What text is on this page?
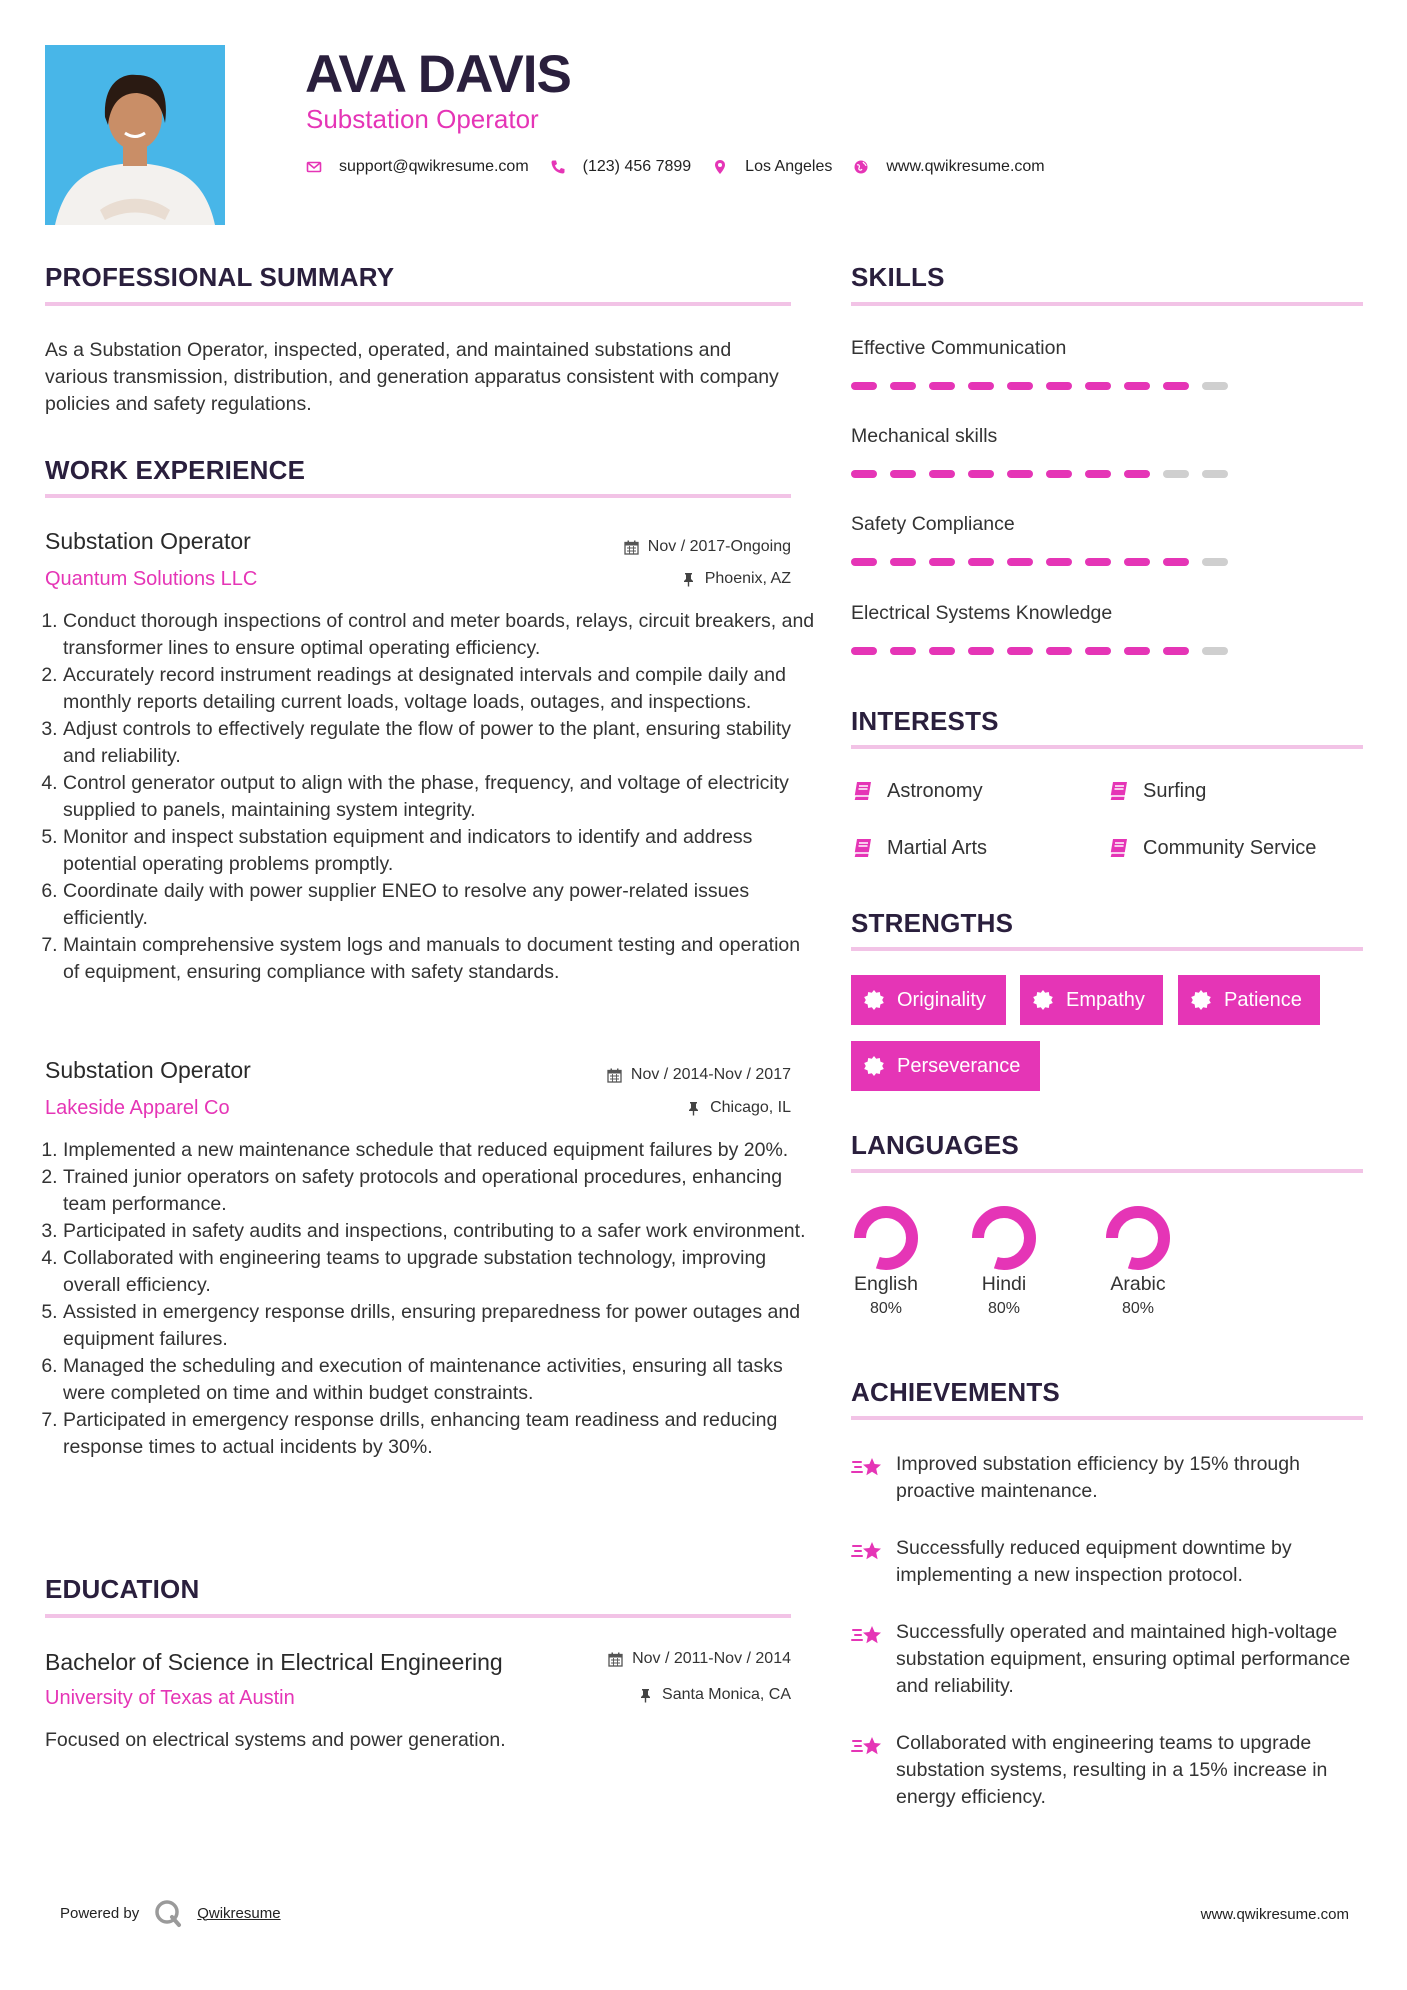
AVA DAVIS
Substation Operator
support@qwikresume.com	(123) 456 7899	Los Angeles	www.qwikresume.com
PROFESSIONAL SUMMARY
As a Substation Operator, inspected, operated, and maintained substations and various transmission, distribution, and generation apparatus consistent with company policies and safety regulations.
WORK EXPERIENCE
Substation Operator	Nov / 2017-Ongoing
Quantum Solutions LLC	Phoenix, AZ
1. Conduct thorough inspections of control and meter boards, relays, circuit breakers, and transformer lines to ensure optimal operating efficiency.
2. Accurately record instrument readings at designated intervals and compile daily and monthly reports detailing current loads, voltage loads, outages, and inspections.
3. Adjust controls to effectively regulate the flow of power to the plant, ensuring stability and reliability.
4. Control generator output to align with the phase, frequency, and voltage of electricity supplied to panels, maintaining system integrity.
5. Monitor and inspect substation equipment and indicators to identify and address potential operating problems promptly.
6. Coordinate daily with power supplier ENEO to resolve any power-related issues efficiently.
7. Maintain comprehensive system logs and manuals to document testing and operation of equipment, ensuring compliance with safety standards.
Substation Operator	Nov / 2014-Nov / 2017
Lakeside Apparel Co	Chicago, IL
1. Implemented a new maintenance schedule that reduced equipment failures by 20%.
2. Trained junior operators on safety protocols and operational procedures, enhancing team performance.
3. Participated in safety audits and inspections, contributing to a safer work environment.
4. Collaborated with engineering teams to upgrade substation technology, improving overall efficiency.
5. Assisted in emergency response drills, ensuring preparedness for power outages and equipment failures.
6. Managed the scheduling and execution of maintenance activities, ensuring all tasks were completed on time and within budget constraints.
7. Participated in emergency response drills, enhancing team readiness and reducing response times to actual incidents by 30%.
EDUCATION
Bachelor of Science in Electrical Engineering	Nov / 2011-Nov / 2014
University of Texas at Austin	Santa Monica, CA
Focused on electrical systems and power generation.
SKILLS
Effective Communication
Mechanical skills
Safety Compliance
Electrical Systems Knowledge
INTERESTS
Astronomy	Surfing
Martial Arts	Community Service
STRENGTHS
Originality	Empathy	Patience
Perseverance
LANGUAGES
English
80%
Hindi
80%
Arabic
80%
ACHIEVEMENTS
Improved substation efficiency by 15% through proactive maintenance.
Successfully reduced equipment downtime by implementing a new inspection protocol.
Successfully operated and maintained high-voltage substation equipment, ensuring optimal performance and reliability.
Collaborated with engineering teams to upgrade substation systems, resulting in a 15% increase in energy efficiency.
Powered by	Qwikresume	www.qwikresume.com
